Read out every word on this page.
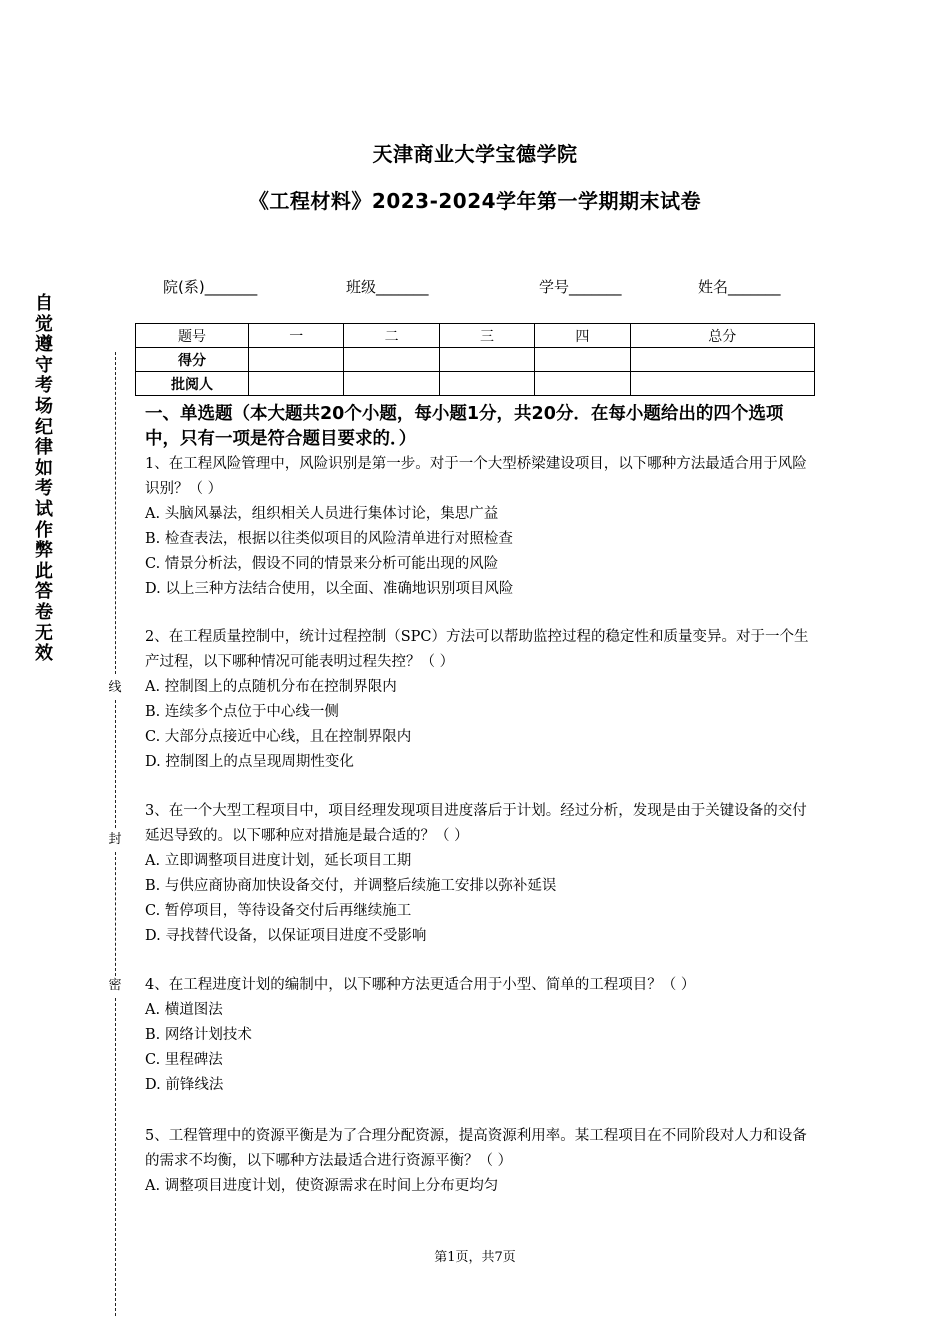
天津商业大学宝德学院
《工程材料》2023-2024学年第一学期期末试卷
院(系)_______	班级_______	学号_______	姓名_______
自
觉
遵
守
考
场
纪
律
如
考
试
作
弊
此
答
卷
无
效
线
封
密
题号	一	二	三	四	总分
得分					
批阅人					
一、单选题（本大题共20个小题，每小题1分，共20分．在每小题给出的四个选项中，只有一项是符合题目要求的．）

1、在工程风险管理中，风险识别是第一步。对于一个大型桥梁建设项目，以下哪种方法最适合用于风险识别？（ ）

A. 头脑风暴法，组织相关人员进行集体讨论，集思广益

B. 检查表法，根据以往类似项目的风险清单进行对照检查

C. 情景分析法，假设不同的情景来分析可能出现的风险

D. 以上三种方法结合使用，以全面、准确地识别项目风险

2、在工程质量控制中，统计过程控制（SPC）方法可以帮助监控过程的稳定性和质量变异。对于一个生产过程，以下哪种情况可能表明过程失控？（ ）

A. 控制图上的点随机分布在控制界限内

B. 连续多个点位于中心线一侧

C. 大部分点接近中心线，且在控制界限内

D. 控制图上的点呈现周期性变化

3、在一个大型工程项目中，项目经理发现项目进度落后于计划。经过分析，发现是由于关键设备的交付延迟导致的。以下哪种应对措施是最合适的？（ ）

A. 立即调整项目进度计划，延长项目工期

B. 与供应商协商加快设备交付，并调整后续施工安排以弥补延误

C. 暂停项目，等待设备交付后再继续施工

D. 寻找替代设备，以保证项目进度不受影响

4、在工程进度计划的编制中，以下哪种方法更适合用于小型、简单的工程项目？（ ）

A. 横道图法

B. 网络计划技术

C. 里程碑法

D. 前锋线法

5、工程管理中的资源平衡是为了合理分配资源，提高资源利用率。某工程项目在不同阶段对人力和设备的需求不均衡，以下哪种方法最适合进行资源平衡？（ ）

A. 调整项目进度计划，使资源需求在时间上分布更均匀

第1页，共7页
